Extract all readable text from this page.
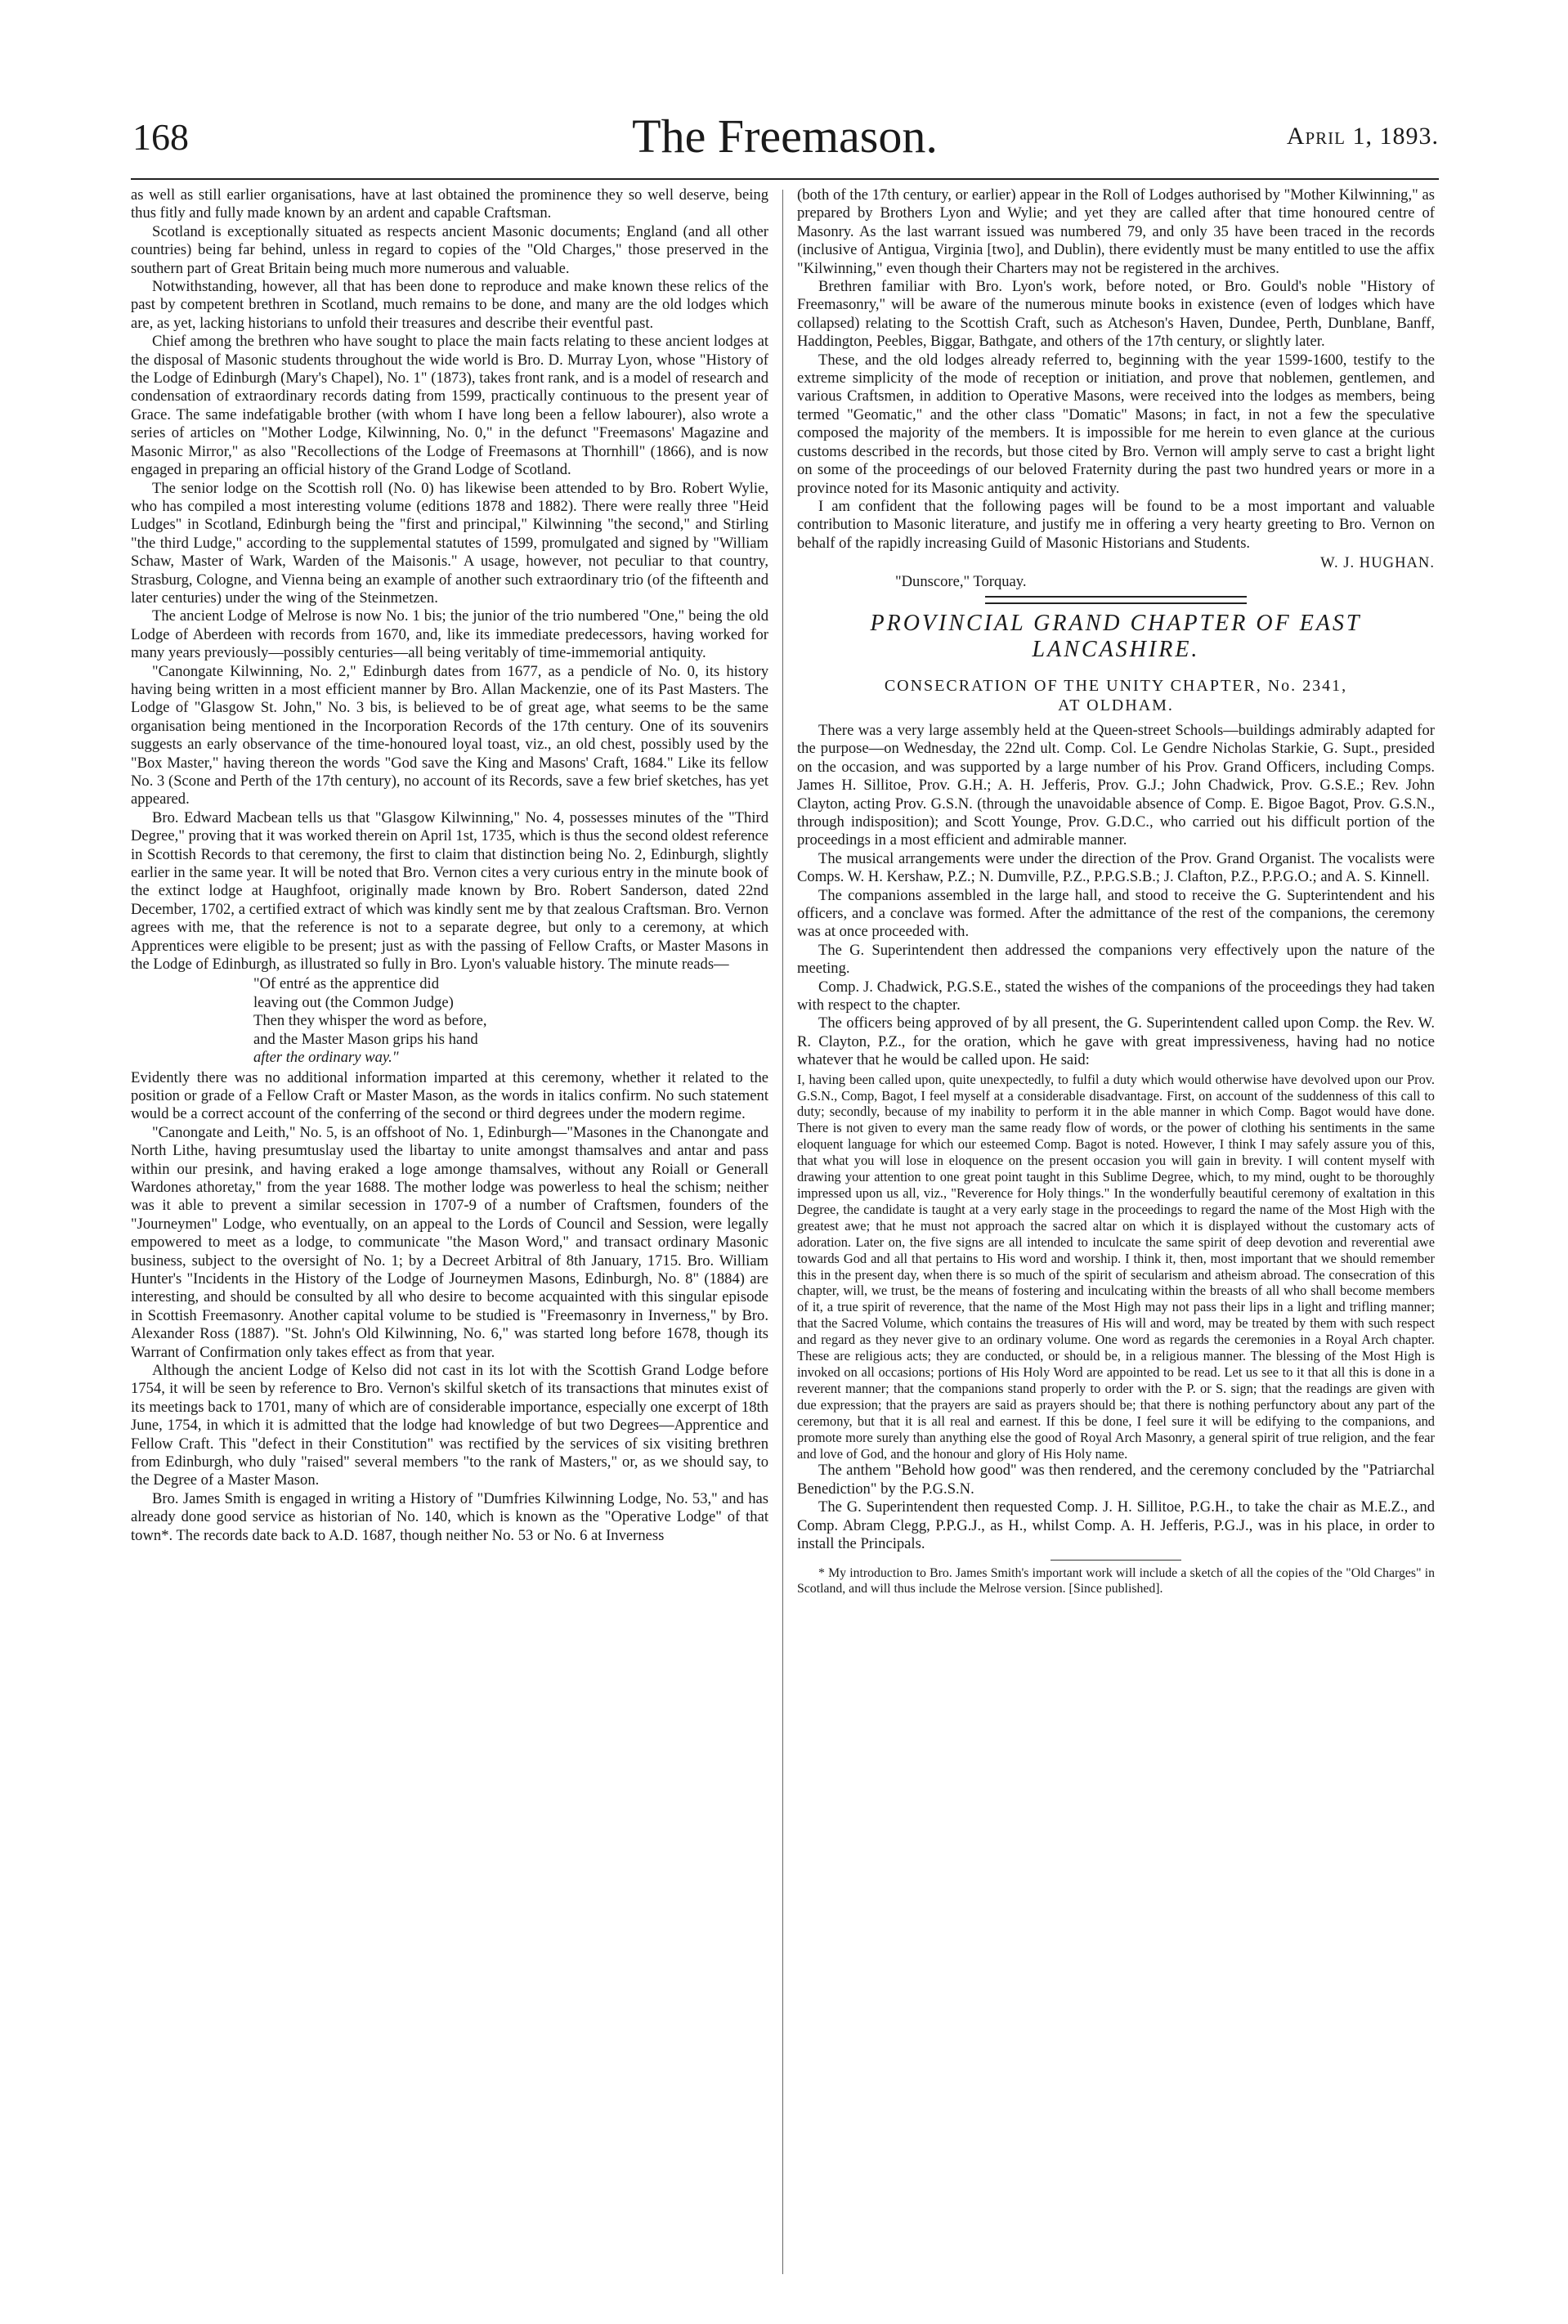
168	The Freemason.	April 1, 1893.

as well as still earlier organisations, have at last obtained the prominence they so well deserve, being thus fitly and fully made known by an ardent and capable Craftsman.

Scotland is exceptionally situated as respects ancient Masonic documents; England (and all other countries) being far behind, unless in regard to copies of the "Old Charges," those preserved in the southern part of Great Britain being much more numerous and valuable.

Notwithstanding, however, all that has been done to reproduce and make known these relics of the past by competent brethren in Scotland, much remains to be done, and many are the old lodges which are, as yet, lacking historians to unfold their treasures and describe their eventful past.

Chief among the brethren who have sought to place the main facts relating to these ancient lodges at the disposal of Masonic students throughout the wide world is Bro. D. Murray Lyon, whose "History of the Lodge of Edinburgh (Mary's Chapel), No. 1" (1873), takes front rank, and is a model of research and condensation of extraordinary records dating from 1599, practically continuous to the present year of Grace. The same indefatigable brother (with whom I have long been a fellow labourer), also wrote a series of articles on "Mother Lodge, Kilwinning, No. 0," in the defunct "Freemasons' Magazine and Masonic Mirror," as also "Recollections of the Lodge of Freemasons at Thornhill" (1866), and is now engaged in preparing an official history of the Grand Lodge of Scotland.

The senior lodge on the Scottish roll (No. 0) has likewise been attended to by Bro. Robert Wylie, who has compiled a most interesting volume (editions 1878 and 1882). There were really three "Heid Ludges" in Scotland, Edinburgh being the "first and principal," Kilwinning "the second," and Stirling "the third Ludge," according to the supplemental statutes of 1599, promulgated and signed by "William Schaw, Master of Wark, Warden of the Maisonis." A usage, however, not peculiar to that country, Strasburg, Cologne, and Vienna being an example of another such extraordinary trio (of the fifteenth and later centuries) under the wing of the Steinmetzen.

The ancient Lodge of Melrose is now No. 1 bis; the junior of the trio numbered "One," being the old Lodge of Aberdeen with records from 1670, and, like its immediate predecessors, having worked for many years previously—possibly centuries—all being veritably of time-immemorial antiquity.

"Canongate Kilwinning, No. 2," Edinburgh dates from 1677, as a pendicle of No. 0, its history having being written in a most efficient manner by Bro. Allan Mackenzie, one of its Past Masters. The Lodge of "Glasgow St. John," No. 3 bis, is believed to be of great age, what seems to be the same organisation being mentioned in the Incorporation Records of the 17th century. One of its souvenirs suggests an early observance of the time-honoured loyal toast, viz., an old chest, possibly used by the "Box Master," having thereon the words "God save the King and Masons' Craft, 1684." Like its fellow No. 3 (Scone and Perth of the 17th century), no account of its Records, save a few brief sketches, has yet appeared.

Bro. Edward Macbean tells us that "Glasgow Kilwinning," No. 4, possesses minutes of the "Third Degree," proving that it was worked therein on April 1st, 1735, which is thus the second oldest reference in Scottish Records to that ceremony, the first to claim that distinction being No. 2, Edinburgh, slightly earlier in the same year. It will be noted that Bro. Vernon cites a very curious entry in the minute book of the extinct lodge at Haughfoot, originally made known by Bro. Robert Sanderson, dated 22nd December, 1702, a certified extract of which was kindly sent me by that zealous Craftsman. Bro. Vernon agrees with me, that the reference is not to a separate degree, but only to a ceremony, at which Apprentices were eligible to be present; just as with the passing of Fellow Crafts, or Master Masons in the Lodge of Edinburgh, as illustrated so fully in Bro. Lyon's valuable history. The minute reads—

"Of entré as the apprentice did
leaving out (the Common Judge)
Then they whisper the word as before,
and the Master Mason grips his hand
after the ordinary way."

Evidently there was no additional information imparted at this ceremony, whether it related to the position or grade of a Fellow Craft or Master Mason, as the words in italics confirm. No such statement would be a correct account of the conferring of the second or third degrees under the modern regime.

"Canongate and Leith," No. 5, is an offshoot of No. 1, Edinburgh—"Masones in the Chanongate and North Lithe, having presumtuslay used the libartay to unite amongst thamsalves and antar and pass within our presink, and having eraked a loge amonge thamsalves, without any Roiall or Generall Wardones athoretay," from the year 1688. The mother lodge was powerless to heal the schism; neither was it able to prevent a similar secession in 1707-9 of a number of Craftsmen, founders of the "Journeymen" Lodge, who eventually, on an appeal to the Lords of Council and Session, were legally empowered to meet as a lodge, to communicate "the Mason Word," and transact ordinary Masonic business, subject to the oversight of No. 1; by a Decreet Arbitral of 8th January, 1715. Bro. William Hunter's "Incidents in the History of the Lodge of Journeymen Masons, Edinburgh, No. 8" (1884) are interesting, and should be consulted by all who desire to become acquainted with this singular episode in Scottish Freemasonry. Another capital volume to be studied is "Freemasonry in Inverness," by Bro. Alexander Ross (1887). "St. John's Old Kilwinning, No. 6," was started long before 1678, though its Warrant of Confirmation only takes effect as from that year.

Although the ancient Lodge of Kelso did not cast in its lot with the Scottish Grand Lodge before 1754, it will be seen by reference to Bro. Vernon's skilful sketch of its transactions that minutes exist of its meetings back to 1701, many of which are of considerable importance, especially one excerpt of 18th June, 1754, in which it is admitted that the lodge had knowledge of but two Degrees—Apprentice and Fellow Craft. This "defect in their Constitution" was rectified by the services of six visiting brethren from Edinburgh, who duly "raised" several members "to the rank of Masters," or, as we should say, to the Degree of a Master Mason.

Bro. James Smith is engaged in writing a History of "Dumfries Kilwinning Lodge, No. 53," and has already done good service as historian of No. 140, which is known as the "Operative Lodge" of that town*. The records date back to A.D. 1687, though neither No. 53 or No. 6 at Inverness

(both of the 17th century, or earlier) appear in the Roll of Lodges authorised by "Mother Kilwinning," as prepared by Brothers Lyon and Wylie; and yet they are called after that time honoured centre of Masonry. As the last warrant issued was numbered 79, and only 35 have been traced in the records (inclusive of Antigua, Virginia [two], and Dublin), there evidently must be many entitled to use the affix "Kilwinning," even though their Charters may not be registered in the archives.

Brethren familiar with Bro. Lyon's work, before noted, or Bro. Gould's noble "History of Freemasonry," will be aware of the numerous minute books in existence (even of lodges which have collapsed) relating to the Scottish Craft, such as Atcheson's Haven, Dundee, Perth, Dunblane, Banff, Haddington, Peebles, Biggar, Bathgate, and others of the 17th century, or slightly later.

These, and the old lodges already referred to, beginning with the year 1599-1600, testify to the extreme simplicity of the mode of reception or initiation, and prove that noblemen, gentlemen, and various Craftsmen, in addition to Operative Masons, were received into the lodges as members, being termed "Geomatic," and the other class "Domatic" Masons; in fact, in not a few the speculative composed the majority of the members. It is impossible for me herein to even glance at the curious customs described in the records, but those cited by Bro. Vernon will amply serve to cast a bright light on some of the proceedings of our beloved Fraternity during the past two hundred years or more in a province noted for its Masonic antiquity and activity.

I am confident that the following pages will be found to be a most important and valuable contribution to Masonic literature, and justify me in offering a very hearty greeting to Bro. Vernon on behalf of the rapidly increasing Guild of Masonic Historians and Students.

W. J. HUGHAN.
"Dunscore," Torquay.
PROVINCIAL GRAND CHAPTER OF EAST LANCASHIRE.
CONSECRATION OF THE UNITY CHAPTER, No. 2341,
AT OLDHAM.

There was a very large assembly held at the Queen-street Schools—buildings admirably adapted for the purpose—on Wednesday, the 22nd ult. Comp. Col. Le Gendre Nicholas Starkie, G. Supt., presided on the occasion, and was supported by a large number of his Prov. Grand Officers, including Comps. James H. Sillitoe, Prov. G.H.; A. H. Jefferis, Prov. G.J.; John Chadwick, Prov. G.S.E.; Rev. John Clayton, acting Prov. G.S.N. (through the unavoidable absence of Comp. E. Bigoe Bagot, Prov. G.S.N., through indisposition); and Scott Younge, Prov. G.D.C., who carried out his difficult portion of the proceedings in a most efficient and admirable manner.

The musical arrangements were under the direction of the Prov. Grand Organist. The vocalists were Comps. W. H. Kershaw, P.Z.; N. Dumville, P.Z., P.P.G.S.B.; J. Clafton, P.Z., P.P.G.O.; and A. S. Kinnell.

The companions assembled in the large hall, and stood to receive the G. Supterintendent and his officers, and a conclave was formed. After the admittance of the rest of the companions, the ceremony was at once proceeded with.

The G. Superintendent then addressed the companions very effectively upon the nature of the meeting.

Comp. J. Chadwick, P.G.S.E., stated the wishes of the companions of the proceedings they had taken with respect to the chapter.

The officers being approved of by all present, the G. Superintendent called upon Comp. the Rev. W. R. Clayton, P.Z., for the oration, which he gave with great impressiveness, having had no notice whatever that he would be called upon. He said:

I, having been called upon, quite unexpectedly, to fulfil a duty which would otherwise have devolved upon our Prov. G.S.N., Comp, Bagot, I feel myself at a considerable disadvantage. First, on account of the suddenness of this call to duty; secondly, because of my inability to perform it in the able manner in which Comp. Bagot would have done. There is not given to every man the same ready flow of words, or the power of clothing his sentiments in the same eloquent language for which our esteemed Comp. Bagot is noted. However, I think I may safely assure you of this, that what you will lose in eloquence on the present occasion you will gain in brevity. I will content myself with drawing your attention to one great point taught in this Sublime Degree, which, to my mind, ought to be thoroughly impressed upon us all, viz., "Reverence for Holy things." In the wonderfully beautiful ceremony of exaltation in this Degree, the candidate is taught at a very early stage in the proceedings to regard the name of the Most High with the greatest awe; that he must not approach the sacred altar on which it is displayed without the customary acts of adoration. Later on, the five signs are all intended to inculcate the same spirit of deep devotion and reverential awe towards God and all that pertains to His word and worship. I think it, then, most important that we should remember this in the present day, when there is so much of the spirit of secularism and atheism abroad. The consecration of this chapter, will, we trust, be the means of fostering and inculcating within the breasts of all who shall become members of it, a true spirit of reverence, that the name of the Most High may not pass their lips in a light and trifling manner; that the Sacred Volume, which contains the treasures of His will and word, may be treated by them with such respect and regard as they never give to an ordinary volume. One word as regards the ceremonies in a Royal Arch chapter. These are religious acts; they are conducted, or should be, in a religious manner. The blessing of the Most High is invoked on all occasions; portions of His Holy Word are appointed to be read. Let us see to it that all this is done in a reverent manner; that the companions stand properly to order with the P. or S. sign; that the readings are given with due expression; that the prayers are said as prayers should be; that there is nothing perfunctory about any part of the ceremony, but that it is all real and earnest. If this be done, I feel sure it will be edifying to the companions, and promote more surely than anything else the good of Royal Arch Masonry, a general spirit of true religion, and the fear and love of God, and the honour and glory of His Holy name.

The anthem "Behold how good" was then rendered, and the ceremony concluded by the "Patriarchal Benediction" by the P.G.S.N.

The G. Superintendent then requested Comp. J. H. Sillitoe, P.G.H., to take the chair as M.E.Z., and Comp. Abram Clegg, P.P.G.J., as H., whilst Comp. A. H. Jefferis, P.G.J., was in his place, in order to install the Principals.

* My introduction to Bro. James Smith's important work will include a sketch of all the copies of the "Old Charges" in Scotland, and will thus include the Melrose version. [Since published].
